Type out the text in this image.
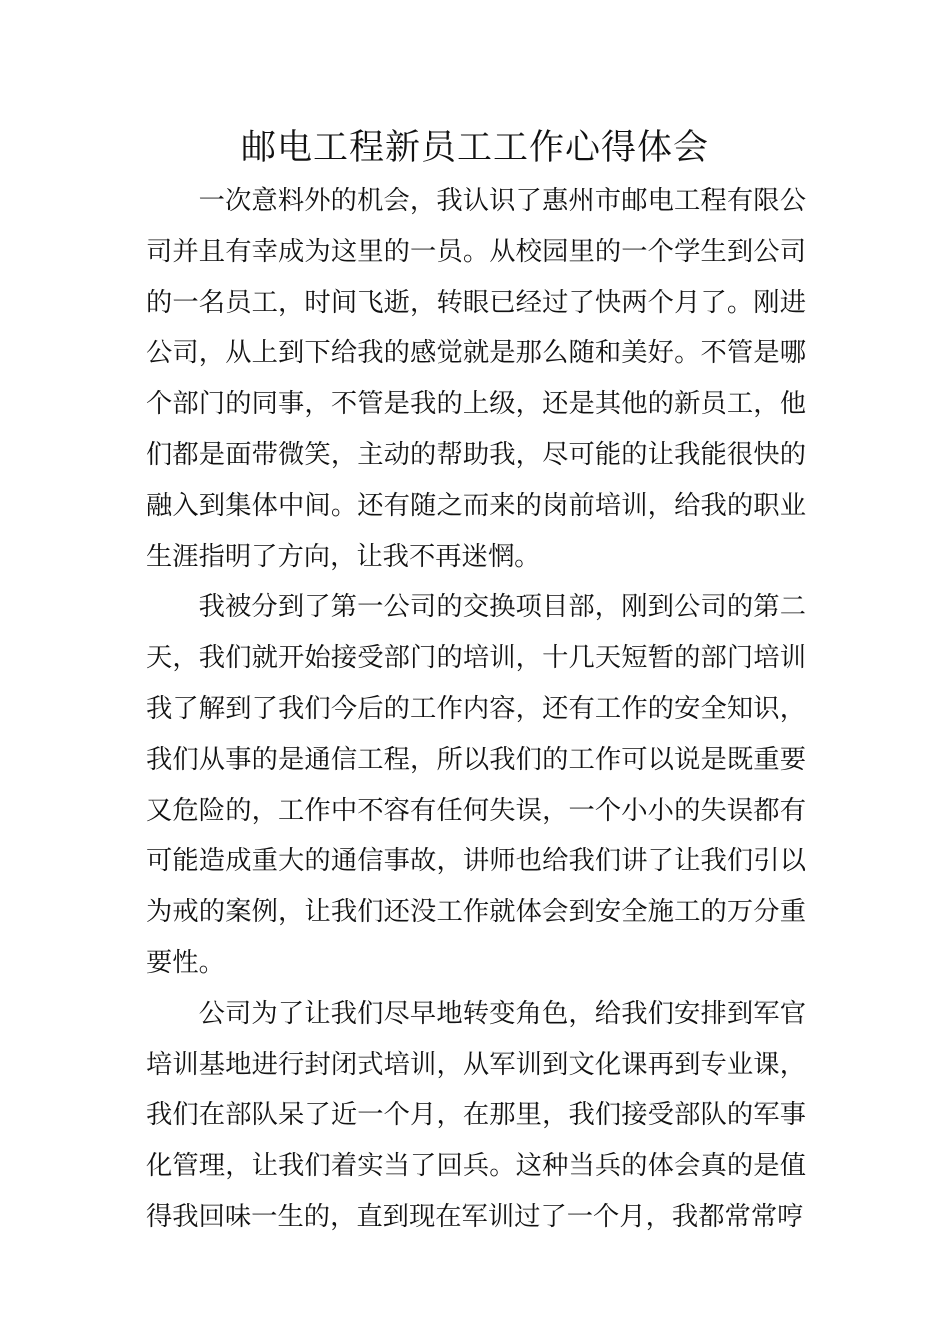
邮电工程新员工工作心得体会

一次意料外的机会，我认识了惠州市邮电工程有限公司并且有幸成为这里的一员。从校园里的一个学生到公司的一名员工，时间飞逝，转眼已经过了快两个月了。刚进公司，从上到下给我的感觉就是那么随和美好。不管是哪个部门的同事，不管是我的上级，还是其他的新员工，他们都是面带微笑，主动的帮助我，尽可能的让我能很快的融入到集体中间。还有随之而来的岗前培训，给我的职业生涯指明了方向，让我不再迷惘。

我被分到了第一公司的交换项目部，刚到公司的第二天，我们就开始接受部门的培训，十几天短暂的部门培训我了解到了我们今后的工作内容，还有工作的安全知识，我们从事的是通信工程，所以我们的工作可以说是既重要又危险的，工作中不容有任何失误，一个小小的失误都有可能造成重大的通信事故，讲师也给我们讲了让我们引以为戒的案例，让我们还没工作就体会到安全施工的万分重要性。

公司为了让我们尽早地转变角色，给我们安排到军官培训基地进行封闭式培训，从军训到文化课再到专业课，我们在部队呆了近一个月，在那里，我们接受部队的军事化管理，让我们着实当了回兵。这种当兵的体会真的是值得我回味一生的，直到现在军训过了一个月，我都常常哼
